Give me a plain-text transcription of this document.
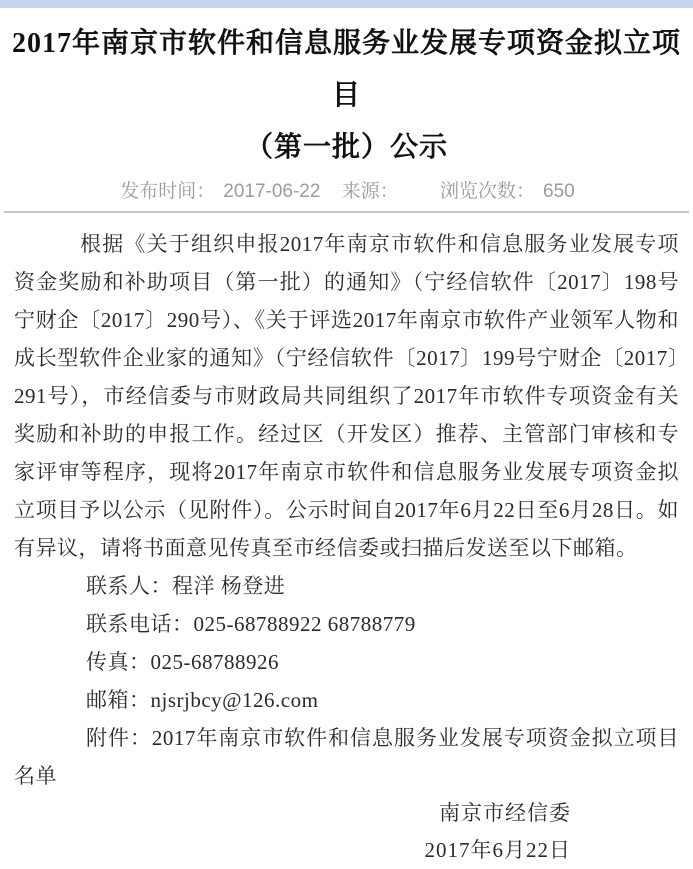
2017年南京市软件和信息服务业发展专项资金拟立项目
（第一批）公示
发布时间： 2017-06-22 来源： 浏览次数： 650

根据《关于组织申报2017年南京市软件和信息服务业发展专项资金奖励和补助项目（第一批）的通知》（宁经信软件〔2017〕198号 宁财企〔2017〕290号）、《关于评选2017年南京市软件产业领军人物和成长型软件企业家的通知》（宁经信软件〔2017〕199号宁财企〔2017〕291号），市经信委与市财政局共同组织了2017年市软件专项资金有关奖励和补助的申报工作。经过区（开发区）推荐、主管部门审核和专家评审等程序，现将2017年南京市软件和信息服务业发展专项资金拟立项目予以公示（见附件）。公示时间自2017年6月22日至6月28日。如有异议，请将书面意见传真至市经信委或扫描后发送至以下邮箱。

联系人：程洋 杨登进

联系电话：025-68788922 68788779

传真：025-68788926

邮箱：njsrjbcy@126.com

附件：2017年南京市软件和信息服务业发展专项资金拟立项目名单

南京市经信委

2017年6月22日
